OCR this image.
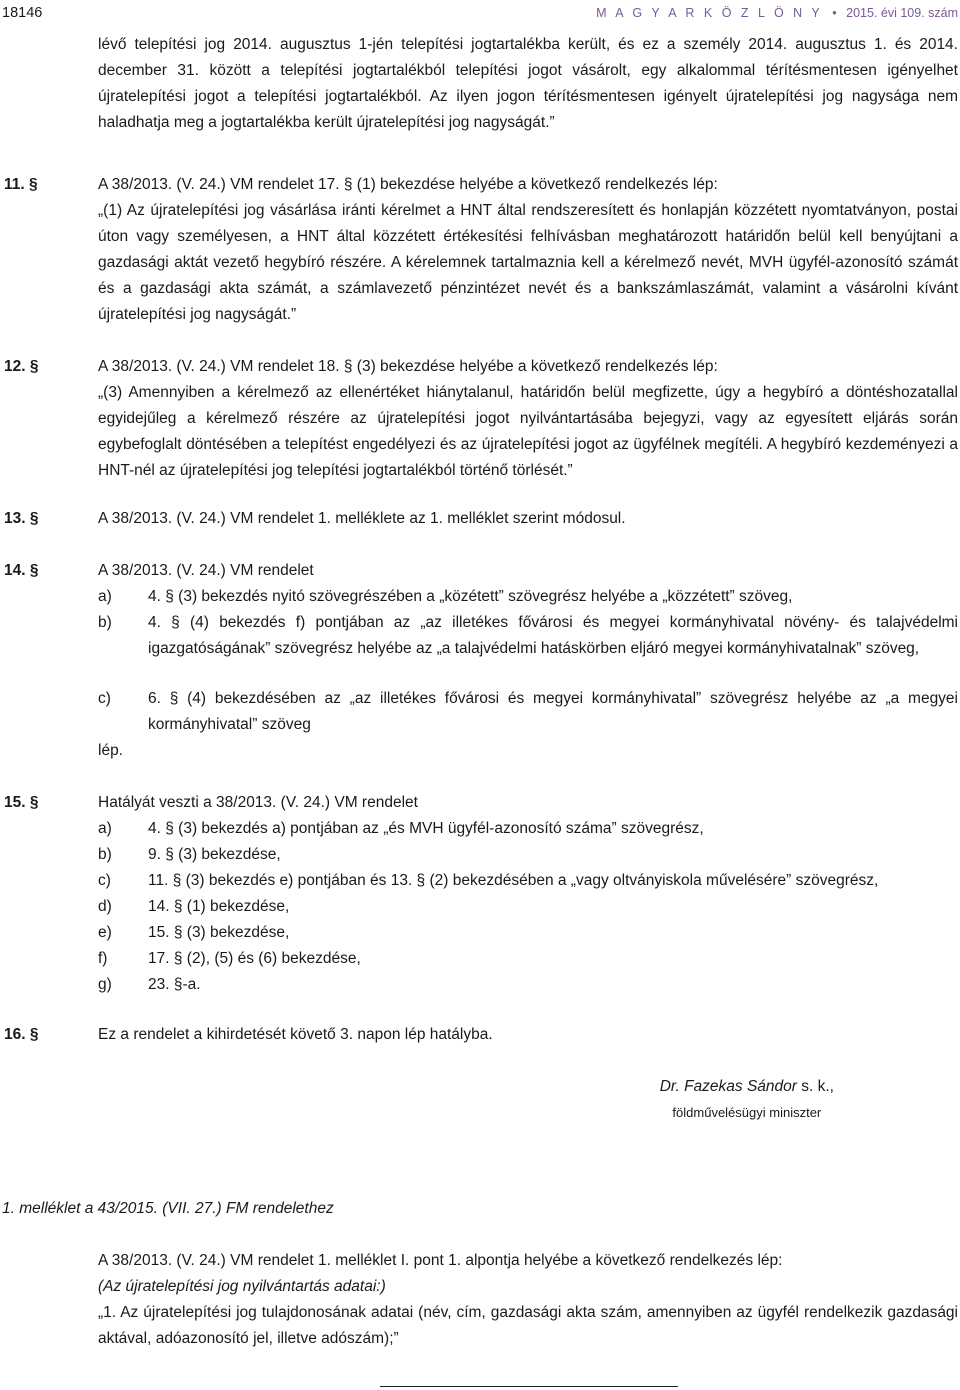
18146	M A G Y A R K Ö Z L Ö N Y • 2015. évi 109. szám
lévő telepítési jog 2014. augusztus 1-jén telepítési jogtartalékba került, és ez a személy 2014. augusztus 1. és 2014. december 31. között a telepítési jogtartalékból telepítési jogot vásárolt, egy alkalommal térítésmentesen igényelhet újratelepítési jogot a telepítési jogtartalékból. Az ilyen jogon térítésmentesen igényelt újratelepítési jog nagysága nem haladhatja meg a jogtartalékba került újratelepítési jog nagyságát.”
11. §	A 38/2013. (V. 24.) VM rendelet 17. § (1) bekezdése helyébe a következő rendelkezés lép:
„(1) Az újratelepítési jog vásárlása iránti kérelmet a HNT által rendszeresített és honlapján közzétett nyomtatványon, postai úton vagy személyesen, a HNT által közzétett értékesítési felhívásban meghatározott határidőn belül kell benyújtani a gazdasági aktát vezető hegybíró részére. A kérelemnek tartalmaznia kell a kérelmező nevét, MVH ügyfél-azonosító számát és a gazdasági akta számát, a számlavezető pénzintézet nevét és a bankszámlaszámát, valamint a vásárolni kívánt újratelepítési jog nagyságát.”
12. §	A 38/2013. (V. 24.) VM rendelet 18. § (3) bekezdése helyébe a következő rendelkezés lép:
„(3) Amennyiben a kérelmező az ellenértéket hiánytalanul, határidőn belül megfizette, úgy a hegybíró a döntéshozatallal egyidejűleg a kérelmező részére az újratelepítési jogot nyilvántartásába bejegyzi, vagy az egyesített eljárás során egybefoglalt döntésében a telepítést engedélyezi és az újratelepítési jogot az ügyfélnek megítéli. A hegybíró kezdeményezi a HNT-nél az újratelepítési jog telepítési jogtartalékból történő törlését.”
13. §	A 38/2013. (V. 24.) VM rendelet 1. melléklete az 1. melléklet szerint módosul.
14. §	A 38/2013. (V. 24.) VM rendelet
a) 4. § (3) bekezdés nyitó szövegrészében a „közétett” szövegrész helyébe a „közzétett” szöveg,
b) 4. § (4) bekezdés f) pontjában az „az illetékes fővárosi és megyei kormányhivatal növény- és talajvédelmi igazgatóságának” szövegrész helyébe az „a talajvédelmi hatáskörben eljáró megyei kormányhivatalnak” szöveg,
c) 6. § (4) bekezdésében az „az illetékes fővárosi és megyei kormányhivatal” szövegrész helyébe az „a megyei kormányhivatal” szöveg
lép.
15. §	Hatályát veszti a 38/2013. (V. 24.) VM rendelet
a) 4. § (3) bekezdés a) pontjában az „és MVH ügyfél-azonosító száma” szövegrész,
b) 9. § (3) bekezdése,
c) 11. § (3) bekezdés e) pontjában és 13. § (2) bekezdésében a „vagy oltványiskola művelésére” szövegrész,
d) 14. § (1) bekezdése,
e) 15. § (3) bekezdése,
f)	17. § (2), (5) és (6) bekezdése,
g) 23. §-a.
16. §	Ez a rendelet a kihirdetését követő 3. napon lép hatályba.
Dr. Fazekas Sándor s. k.,
földművelésügyi miniszter
1. melléklet a 43/2015. (VII. 27.) FM rendelethez
A 38/2013. (V. 24.) VM rendelet 1. melléklet I. pont 1. alpontja helyébe a következő rendelkezés lép:
(Az újratelepítési jog nyilvántartás adatai:)
„1. Az újratelepítési jog tulajdonosának adatai (név, cím, gazdasági akta szám, amennyiben az ügyfél rendelkezik gazdasági aktával, adóazonosító jel, illetve adószám);”
